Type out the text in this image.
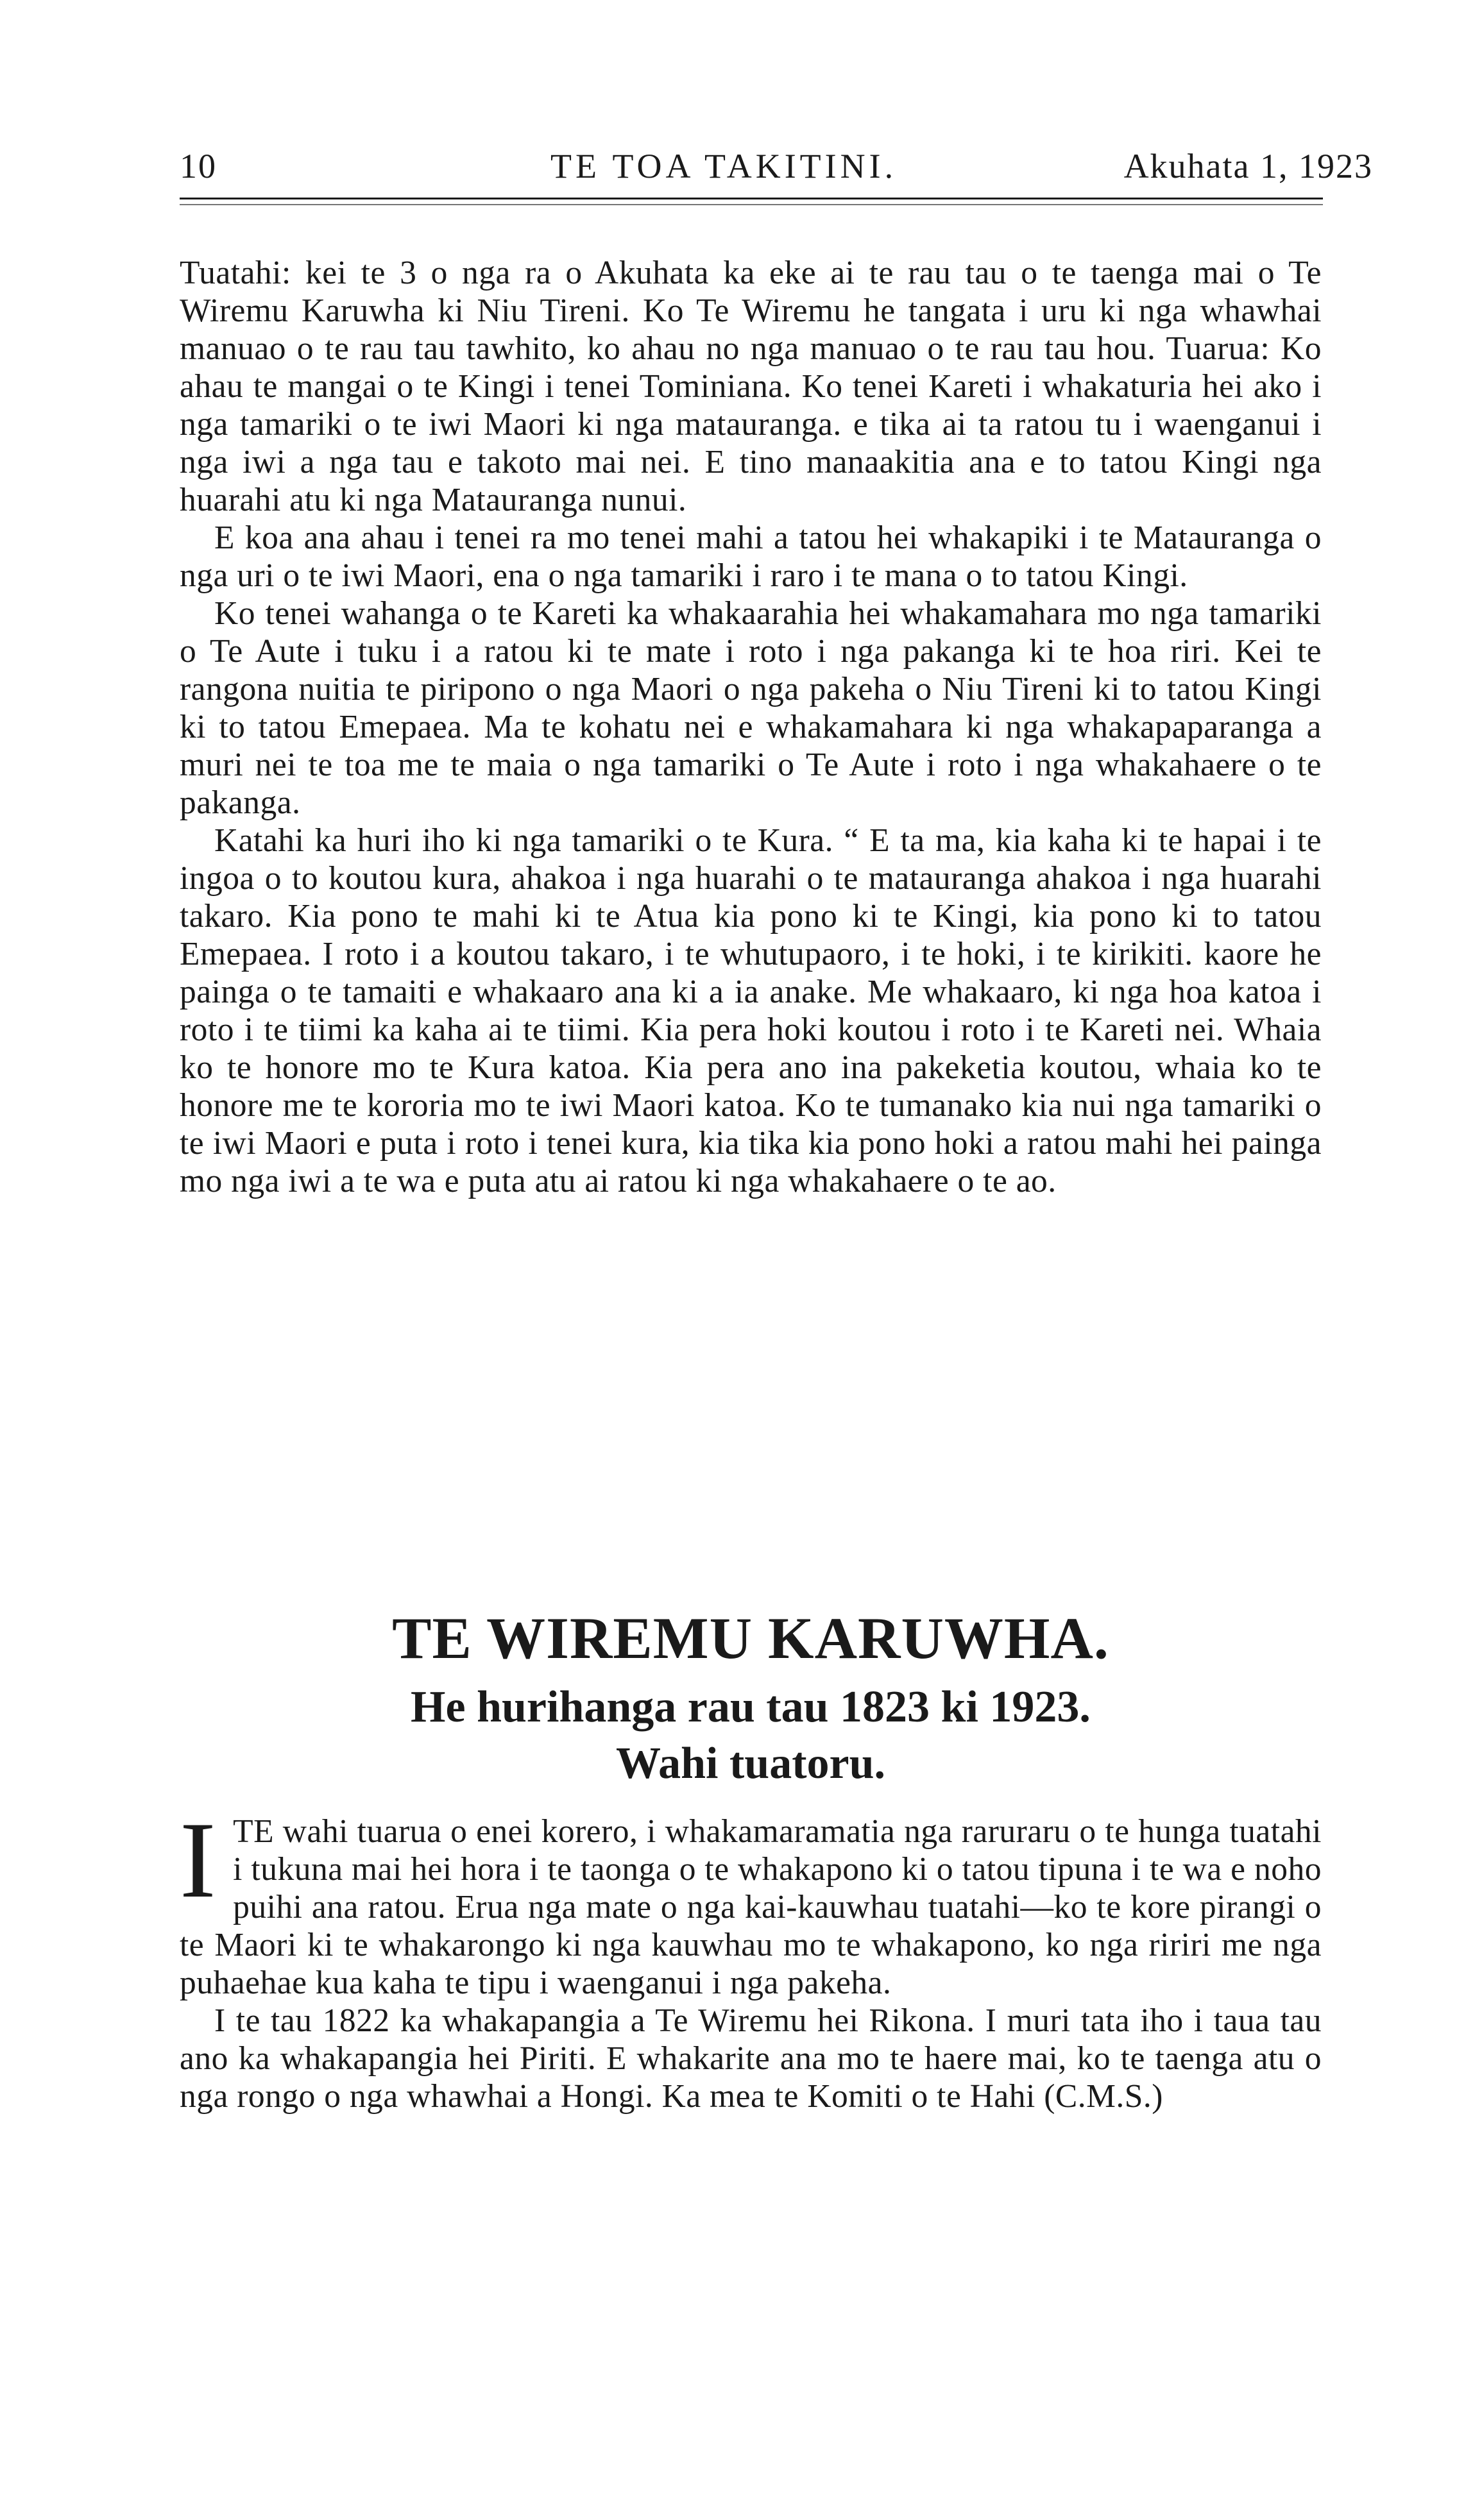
10	TE TOA TAKITINI.	Akuhata 1, 1923

Tuatahi: kei te 3 o nga ra o Akuhata ka eke ai te rau tau o te taenga mai o Te Wiremu Karuwha ki Niu Tireni. Ko Te Wiremu he tangata i uru ki nga whawhai manuao o te rau tau tawhito, ko ahau no nga manuao o te rau tau hou. Tuarua: Ko ahau te mangai o te Kingi i tenei Tominiana. Ko tenei Kareti i whakaturia hei ako i nga tamariki o te iwi Maori ki nga matauranga. e tika ai ta ratou tu i waenganui i nga iwi a nga tau e takoto mai nei. E tino manaakitia ana e to tatou Kingi nga huarahi atu ki nga Matauranga nunui.

E koa ana ahau i tenei ra mo tenei mahi a tatou hei whakapiki i te Matauranga o nga uri o te iwi Maori, ena o nga tamariki i raro i te mana o to tatou Kingi.

Ko tenei wahanga o te Kareti ka whakaarahia hei whakamahara mo nga tamariki o Te Aute i tuku i a ratou ki te mate i roto i nga pakanga ki te hoa riri. Kei te rangona nuitia te piripono o nga Maori o nga pakeha o Niu Tireni ki to tatou Kingi ki to tatou Emepaea. Ma te kohatu nei e whakamahara ki nga whakapaparanga a muri nei te toa me te maia o nga tamariki o Te Aute i roto i nga whakahaere o te pakanga.

Katahi ka huri iho ki nga tamariki o te Kura. “ E ta ma, kia kaha ki te hapai i te ingoa o to koutou kura, ahakoa i nga huarahi o te matauranga ahakoa i nga huarahi takaro. Kia pono te mahi ki te Atua kia pono ki te Kingi, kia pono ki to tatou Emepaea. I roto i a koutou takaro, i te whutupaoro, i te hoki, i te kirikiti. kaore he painga o te tamaiti e whakaaro ana ki a ia anake. Me whakaaro, ki nga hoa katoa i roto i te tiimi ka kaha ai te tiimi. Kia pera hoki koutou i roto i te Kareti nei. Whaia ko te honore mo te Kura katoa. Kia pera ano ina pakeketia koutou, whaia ko te honore me te kororia mo te iwi Maori katoa. Ko te tumanako kia nui nga tamariki o te iwi Maori e puta i roto i tenei kura, kia tika kia pono hoki a ratou mahi hei painga mo nga iwi a te wa e puta atu ai ratou ki nga whakahaere o te ao.

TE WIREMU KARUWHA.
He hurihanga rau tau 1823 ki 1923.
Wahi tuatoru.

ITE wahi tuarua o enei korero, i whakamaramatia nga raruraru o te hunga tuatahi i tukuna mai hei hora i te taonga o te whakapono ki o tatou tipuna i te wa e noho puihi ana ratou. Erua nga mate o nga kai-kauwhau tuatahi—ko te kore pirangi o te Maori ki te whakarongo ki nga kauwhau mo te whakapono, ko nga ririri me nga puhaehae kua kaha te tipu i waenganui i nga pakeha.

I te tau 1822 ka whakapangia a Te Wiremu hei Rikona. I muri tata iho i taua tau ano ka whakapangia hei Piriti. E whakarite ana mo te haere mai, ko te taenga atu o nga rongo o nga whawhai a Hongi. Ka mea te Komiti o te Hahi (C.M.S.)
